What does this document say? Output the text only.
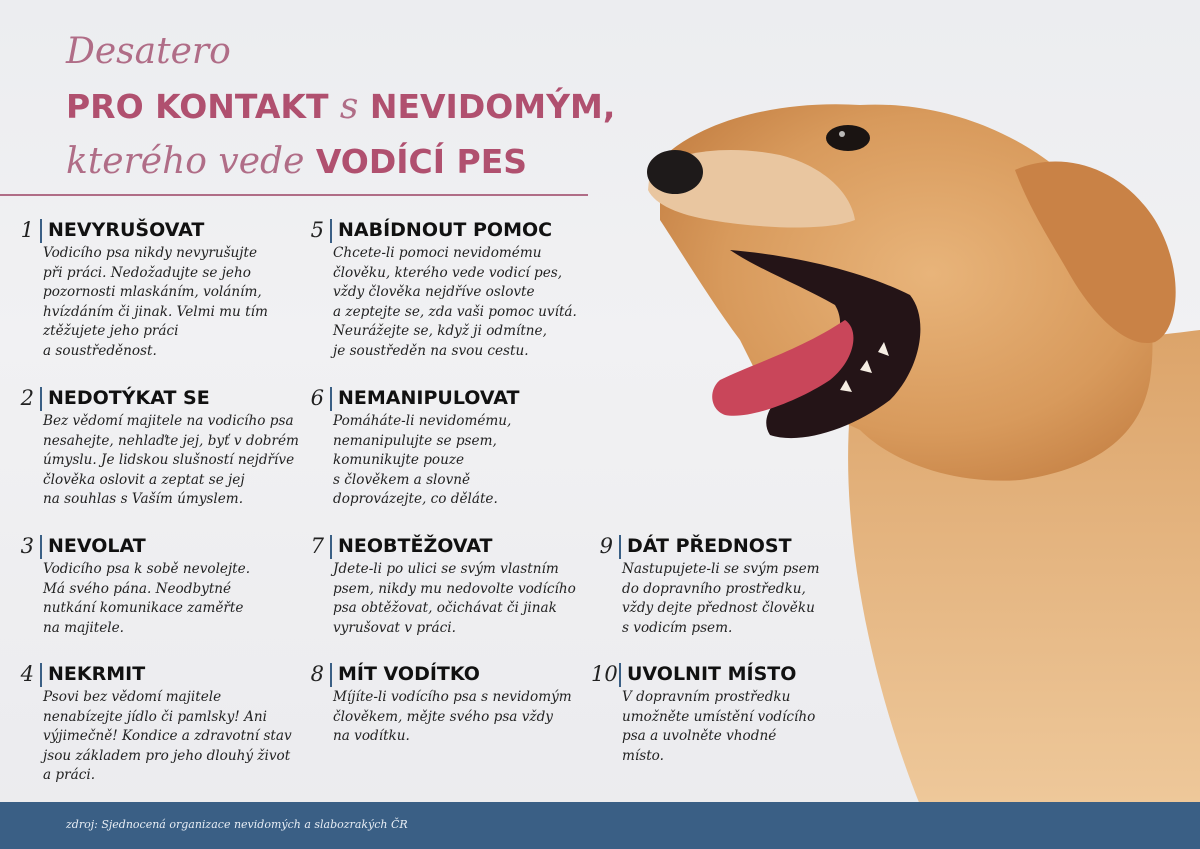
Desatero
PRO KONTAKT s NEVIDOMÝM,
kterého vede VODÍCÍ PES
1 NEVYRUŠOVAT
Vodicího psa nikdy nevyrušujte
při práci. Nedožadujte se jeho
pozornosti mlaskáním, voláním,
hvízdáním či jinak. Velmi mu tím
ztěžujete jeho práci
a soustředěnost.
2 NEDOTÝKAT SE
Bez vědomí majitele na vodicího psa
nesahejte, nehlaďte jej, byť v dobrém
úmyslu. Je lidskou slušností nejdříve
člověka oslovit a zeptat se jej
na souhlas s Vaším úmyslem.
3 NEVOLAT
Vodicího psa k sobě nevolejte.
Má svého pána. Neodbytné
nutkání komunikace zaměřte
na majitele.
4 NEKRMIT
Psovi bez vědomí majitele
nenabízejte jídlo či pamlsky! Ani
výjimečně! Kondice a zdravotní stav
jsou základem pro jeho dlouhý život
a práci.
5 NABÍDNOUT POMOC
Chcete-li pomoci nevidomému
člověku, kterého vede vodicí pes,
vždy člověka nejdříve oslovte
a zeptejte se, zda vaši pomoc uvítá.
Neurážejte se, když ji odmítne,
je soustředěn na svou cestu.
6 NEMANIPULOVAT
Pomáháte-li nevidomému,
nemanipulujte se psem,
komunikujte pouze
s člověkem a slovně
doprovázejte, co děláte.
7 NEOBTĚŽOVAT
Jdete-li po ulici se svým vlastním
psem, nikdy mu nedovolte vodícího
psa obtěžovat, očichávat či jinak
vyrušovat v práci.
8 MÍT VODÍTKO
Míjíte-li vodícího psa s nevidomým
člověkem, mějte svého psa vždy
na vodítku.
9 DÁT PŘEDNOST
Nastupujete-li se svým psem
do dopravního prostředku,
vždy dejte přednost člověku
s vodicím psem.
10 UVOLNIT MÍSTO
V dopravním prostředku
umožněte umístění vodícího
psa a uvolněte vhodné
místo.
zdroj: Sjednocená organizace nevidomých a slabozrakých ČR
